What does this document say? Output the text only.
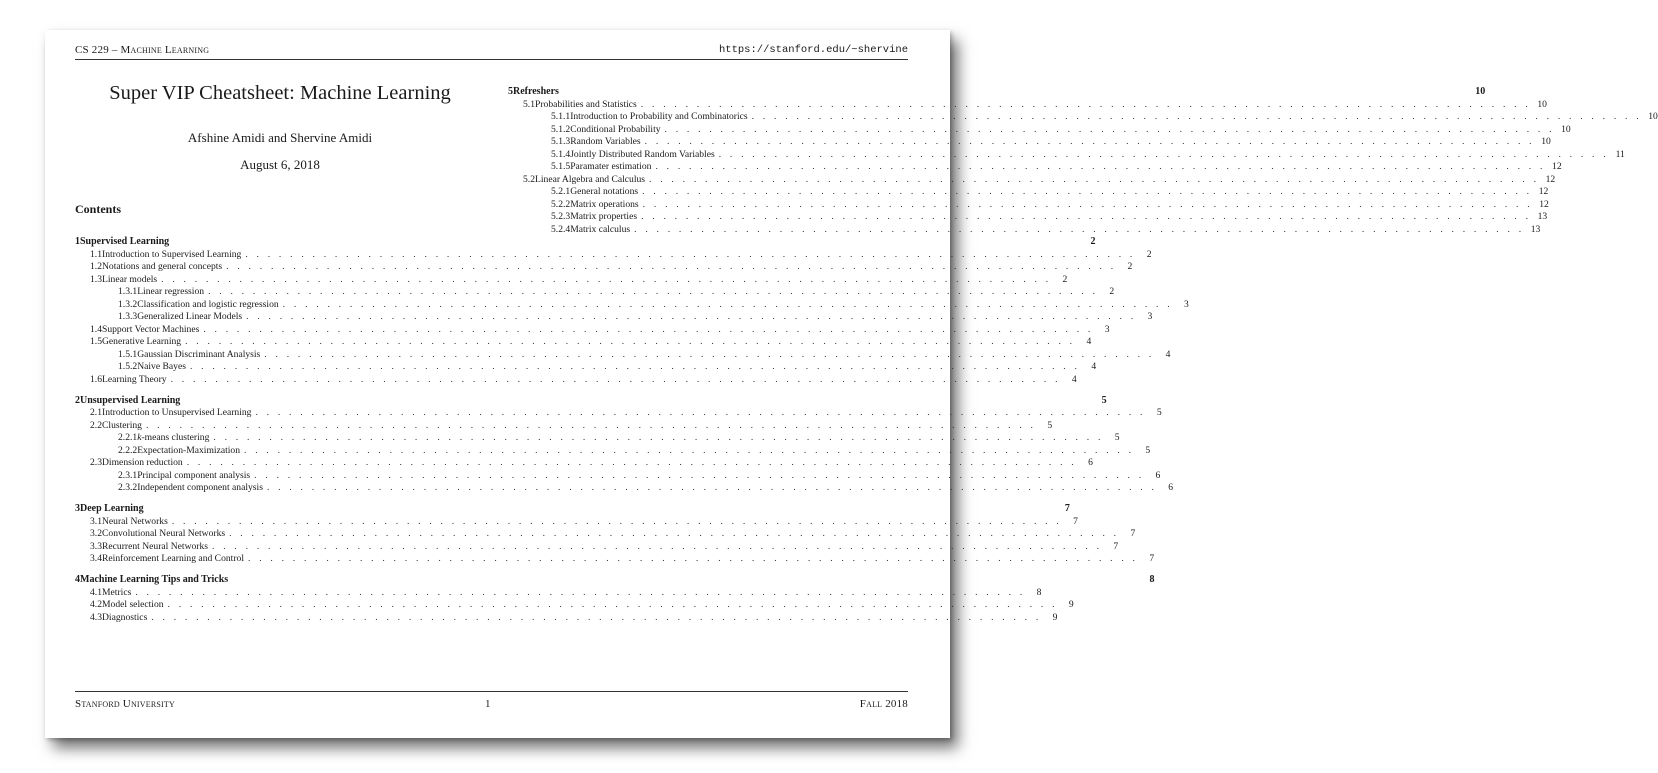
CS 229 – Machine Learning	https://stanford.edu/~shervine
Super VIP Cheatsheet: Machine Learning
Afshine Amidi and Shervine Amidi
August 6, 2018
Contents
1 Supervised Learning	2
1.1 Introduction to Supervised Learning . . . . . . . . . . . . . . . . . . . . . . . . . . . . . . . . . . . . . . . . . . . . . . . . . . . . . . . . . . . . . . . . . . . . . . . . . . . . . . . .	2
1.2 Notations and general concepts . . . . . . . . . . . . . . . . . . . . . . . . . . . . . . . . . . . . . . . . . . . . . . . . . . . . . . . . . . . . . . . . . . . . . . . . . . . . . . . .	2
1.3 Linear models . . . . . . . . . . . . . . . . . . . . . . . . . . . . . . . . . . . . . . . . . . . . . . . . . . . . . . . . . . . . . . . . . . . . . . . . . . . . . . . .	2
1.3.1 Linear regression . . . . . . . . . . . . . . . . . . . . . . . . . . . . . . . . . . . . . . . . . . . . . . . . . . . . . . . . . . . . . . . . . . . . . . . . . . . . . . . .	2
1.3.2 Classification and logistic regression . . . . . . . . . . . . . . . . . . . . . . . . . . . . . . . . . . . . . . . . . . . . . . . . . . . . . . . . . . . . . . . . . . . . . . . . . . . . . . . .	3
1.3.3 Generalized Linear Models . . . . . . . . . . . . . . . . . . . . . . . . . . . . . . . . . . . . . . . . . . . . . . . . . . . . . . . . . . . . . . . . . . . . . . . . . . . . . . . .	3
1.4 Support Vector Machines . . . . . . . . . . . . . . . . . . . . . . . . . . . . . . . . . . . . . . . . . . . . . . . . . . . . . . . . . . . . . . . . . . . . . . . . . . . . . . . .	3
1.5 Generative Learning . . . . . . . . . . . . . . . . . . . . . . . . . . . . . . . . . . . . . . . . . . . . . . . . . . . . . . . . . . . . . . . . . . . . . . . . . . . . . . . .	4
1.5.1 Gaussian Discriminant Analysis . . . . . . . . . . . . . . . . . . . . . . . . . . . . . . . . . . . . . . . . . . . . . . . . . . . . . . . . . . . . . . . . . . . . . . . . . . . . . . . .	4
1.5.2 Naive Bayes . . . . . . . . . . . . . . . . . . . . . . . . . . . . . . . . . . . . . . . . . . . . . . . . . . . . . . . . . . . . . . . . . . . . . . . . . . . . . . . .	4
1.6 Learning Theory . . . . . . . . . . . . . . . . . . . . . . . . . . . . . . . . . . . . . . . . . . . . . . . . . . . . . . . . . . . . . . . . . . . . . . . . . . . . . . . .	4
2 Unsupervised Learning	5
2.1 Introduction to Unsupervised Learning . . . . . . . . . . . . . . . . . . . . . . . . . . . . . . . . . . . . . . . . . . . . . . . . . . . . . . . . . . . . . . . . . . . . . . . . . . . . . . . .	5
2.2 Clustering . . . . . . . . . . . . . . . . . . . . . . . . . . . . . . . . . . . . . . . . . . . . . . . . . . . . . . . . . . . . . . . . . . . . . . . . . . . . . . . .	5
2.2.1 k-means clustering . . . . . . . . . . . . . . . . . . . . . . . . . . . . . . . . . . . . . . . . . . . . . . . . . . . . . . . . . . . . . . . . . . . . . . . . . . . . . . . .	5
2.2.2 Expectation-Maximization . . . . . . . . . . . . . . . . . . . . . . . . . . . . . . . . . . . . . . . . . . . . . . . . . . . . . . . . . . . . . . . . . . . . . . . . . . . . . . . .	5
2.3 Dimension reduction . . . . . . . . . . . . . . . . . . . . . . . . . . . . . . . . . . . . . . . . . . . . . . . . . . . . . . . . . . . . . . . . . . . . . . . . . . . . . . . .	6
2.3.1 Principal component analysis . . . . . . . . . . . . . . . . . . . . . . . . . . . . . . . . . . . . . . . . . . . . . . . . . . . . . . . . . . . . . . . . . . . . . . . . . . . . . . . .	6
2.3.2 Independent component analysis . . . . . . . . . . . . . . . . . . . . . . . . . . . . . . . . . . . . . . . . . . . . . . . . . . . . . . . . . . . . . . . . . . . . . . . . . . . . . . . .	6
3 Deep Learning	7
3.1 Neural Networks . . . . . . . . . . . . . . . . . . . . . . . . . . . . . . . . . . . . . . . . . . . . . . . . . . . . . . . . . . . . . . . . . . . . . . . . . . . . . . . .	7
3.2 Convolutional Neural Networks . . . . . . . . . . . . . . . . . . . . . . . . . . . . . . . . . . . . . . . . . . . . . . . . . . . . . . . . . . . . . . . . . . . . . . . . . . . . . . . .	7
3.3 Recurrent Neural Networks . . . . . . . . . . . . . . . . . . . . . . . . . . . . . . . . . . . . . . . . . . . . . . . . . . . . . . . . . . . . . . . . . . . . . . . . . . . . . . . .	7
3.4 Reinforcement Learning and Control . . . . . . . . . . . . . . . . . . . . . . . . . . . . . . . . . . . . . . . . . . . . . . . . . . . . . . . . . . . . . . . . . . . . . . . . . . . . . . . .	7
4 Machine Learning Tips and Tricks	8
4.1 Metrics . . . . . . . . . . . . . . . . . . . . . . . . . . . . . . . . . . . . . . . . . . . . . . . . . . . . . . . . . . . . . . . . . . . . . . . . . . . . . . . .	8
4.2 Model selection . . . . . . . . . . . . . . . . . . . . . . . . . . . . . . . . . . . . . . . . . . . . . . . . . . . . . . . . . . . . . . . . . . . . . . . . . . . . . . . .	9
4.3 Diagnostics . . . . . . . . . . . . . . . . . . . . . . . . . . . . . . . . . . . . . . . . . . . . . . . . . . . . . . . . . . . . . . . . . . . . . . . . . . . . . . . .	9
5 Refreshers	10
5.1 Probabilities and Statistics . . . . . . . . . . . . . . . . . . . . . . . . . . . . . . . . . . . . . . . . . . . . . . . . . . . . . . . . . . . . . . . . . . . . . . . . . . . . . . . . 10
5.1.1 Introduction to Probability and Combinatorics . . . . . . . . . . . . . . . . . . . . . . . . . . . . . . . . . . . . . . . . . . . . . . . . . . . . . . . . . . . . . . . . . . . . . . . . . . . . . . . . 10
5.1.2 Conditional Probability . . . . . . . . . . . . . . . . . . . . . . . . . . . . . . . . . . . . . . . . . . . . . . . . . . . . . . . . . . . . . . . . . . . . . . . . . . . . . . . . 10
5.1.3 Random Variables . . . . . . . . . . . . . . . . . . . . . . . . . . . . . . . . . . . . . . . . . . . . . . . . . . . . . . . . . . . . . . . . . . . . . . . . . . . . . . . . 10
5.1.4 Jointly Distributed Random Variables . . . . . . . . . . . . . . . . . . . . . . . . . . . . . . . . . . . . . . . . . . . . . . . . . . . . . . . . . . . . . . . . . . . . . . . . . . . . . . . . 11
5.1.5 Paramater estimation . . . . . . . . . . . . . . . . . . . . . . . . . . . . . . . . . . . . . . . . . . . . . . . . . . . . . . . . . . . . . . . . . . . . . . . . . . . . . . . . 12
5.2 Linear Algebra and Calculus . . . . . . . . . . . . . . . . . . . . . . . . . . . . . . . . . . . . . . . . . . . . . . . . . . . . . . . . . . . . . . . . . . . . . . . . . . . . . . . . 12
5.2.1 General notations . . . . . . . . . . . . . . . . . . . . . . . . . . . . . . . . . . . . . . . . . . . . . . . . . . . . . . . . . . . . . . . . . . . . . . . . . . . . . . . . 12
5.2.2 Matrix operations . . . . . . . . . . . . . . . . . . . . . . . . . . . . . . . . . . . . . . . . . . . . . . . . . . . . . . . . . . . . . . . . . . . . . . . . . . . . . . . . 12
5.2.3 Matrix properties . . . . . . . . . . . . . . . . . . . . . . . . . . . . . . . . . . . . . . . . . . . . . . . . . . . . . . . . . . . . . . . . . . . . . . . . . . . . . . . . 13
5.2.4 Matrix calculus . . . . . . . . . . . . . . . . . . . . . . . . . . . . . . . . . . . . . . . . . . . . . . . . . . . . . . . . . . . . . . . . . . . . . . . . . . . . . . . . 13
Stanford University	1	Fall 2018
